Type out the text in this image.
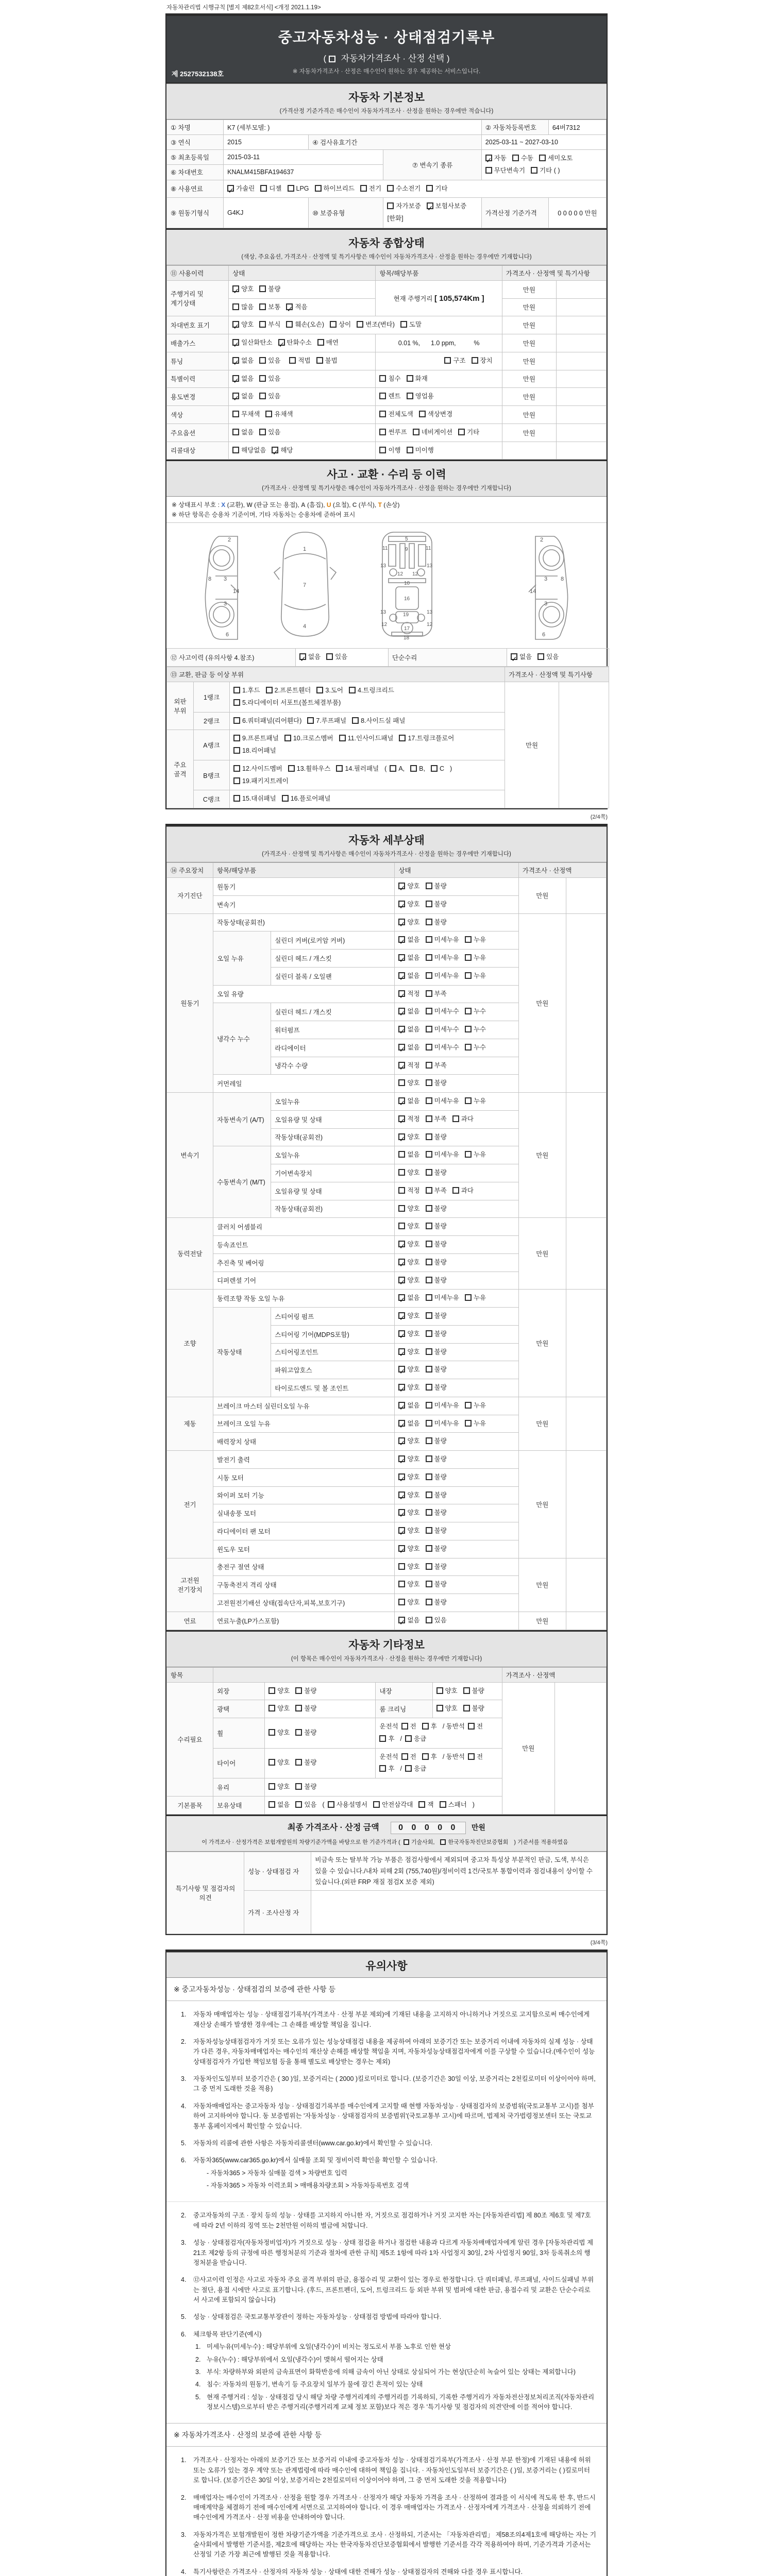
자동차관리법 시행규칙 [별지 제82호서식] <개정 2021.1.19>
중고자동차성능 · 상태점검기록부
( 자동차가격조사 · 산정 선택 )
※ 자동차가격조사 · 산정은 매수인이 원하는 경우 제공하는 서비스입니다.
제 2527532138호
자동차 기본정보
(가격산정 기준가격은 매수인이 자동차가격조사 · 산정을 원하는 경우에만 적습니다)
① 차명	K7 (세부모델: )			② 자동차등록번호	64버7312
③ 연식	2015	④ 검사유효기간		2025-03-11 ~ 2027-03-10	
⑤ 최초등록일	2015-03-11		⑦ 변속기 종류	✓자동 수동 세미오토
무단변속기 기타 ( )
⑥ 차대번호	KNALM415BFA194637				
⑧ 사용연료	✓가솔린 디젤 LPG 하이브리드 전기 수소전기 기타
⑨ 원동기형식	G4KJ	⑩ 보증유형	자가보증 ✓ 보험사보증[한화]	가격산정 기준가격	0 0 0 0 0 만원
자동차 종합상태
(색상, 주요옵션, 가격조사 · 산정액 및 특기사항은 매수인이 자동차가격조사 · 산정을 원하는 경우에만 기재합니다)
⑪ 사용이력	상태	항목/해당부품	가격조사 · 산정액 및 특기사항	
주행거리 및 계기상태	✓양호 불량	현재 주행거리 [ 105,574Km ]	만원	
	많음 보통 ✓ 적음		만원	
차대번호 표기	✓양호 부식 훼손(오손) 상이 변조(변타) 도말		만원	
배출가스	✓일산화탄소 ✓ 탄화수소 매연	0.01 %,      1.0 ppm,          %	만원	
튜닝	✓없음 있음 적법 불법	구조 장치	만원	
특별이력	✓없음 있음	침수 화재	만원	
용도변경	✓없음 있음	렌트 영업용	만원	
색상	무채색 유채색	전체도색 색상변경	만원	
주요옵션	없음 있음	썬루프 네비게이션 기타	만원	
리콜대상	해당없음 ✓ 해당	이행 미이행		
사고 · 교환 · 수리 등 이력
(가격조사 · 산정액 및 특기사항은 매수인이 자동차가격조사 · 산정을 원하는 경우에만 기재합니다)
※ 상태표시 부호 : X (교환), W (판금 또는 용접), A (흠집), U (요철), C (부식), T (손상)
※ 하단 항목은 승용차 기준이며, 기타 자동차는 승용차에 준하여 표시
2
8 3
3
14
6
1
7
4
5
9
11	11
13	13
12 12
10
16
13	13
12	12
19
17
18
2
8
3
3
14
6
⑫ 사고이력 (유의사항 4.참조)	✓없음 있음	단순수리	✓없음 있음
⑬ 교환, 판금 등 이상 부위			가격조사 · 산정액 및 특기사항	
외판 부위	1랭크	1.후드 2.프론트휀더 3.도어 4.트렁크리드
5.라디에이터 서포트(볼트체결부품)	만원	
	2랭크	6.쿼터패널(리어휀다) 7.루프패널 8.사이드실 패널		
주요 골격	A랭크	9.프론트패널 10.크로스멤버 11.인사이드패널 17.트렁크플로어
18.리어패널		
	B랭크	12.사이드멤버 13.휠하우스 14.필러패널 ( A, B, C )
19.패키지트레이		
	C랭크	15.대쉬패널 16.플로어패널		
(2/4쪽)
자동차 세부상태
(가격조사 · 산정액 및 특기사항은 매수인이 자동차가격조사 · 산정을 원하는 경우에만 기재합니다)
⑭ 주요장치	항목/해당부품		상태	가격조사 · 산정액	
자기진단	원동기	✓양호 불량	만원	
	변속기	✓양호 불량
원동기	작동상태(공회전)	✓양호 불량	만원	
	오일 누유	실린더 커버(로커암 커버)	✓없음 미세누유 누유
		실린더 헤드 / 개스킷	✓없음 미세누유 누유
		실린더 블록 / 오일팬	✓없음 미세누유 누유
	오일 유량	✓적정 부족
	냉각수 누수	실린더 헤드 / 개스킷	✓없음 미세누수 누수
		워터펌프	✓없음 미세누수 누수
		라디에이터	✓없음 미세누수 누수
		냉각수 수량	✓적정 부족
	커먼레일		양호 불량		
변속기	자동변속기 (A/T)	오일누유	✓없음 미세누유 누유	만원	
		오일유량 및 상태	✓적정 부족 과다
		작동상태(공회전)	✓양호 불량
	수동변속기 (M/T)	오일누유	없음 미세누유 누유		
		기어변속장치	양호 불량		
		오일유량 및 상태	적정 부족 과다		
		작동상태(공회전)	양호 불량		
동력전달	클러치 어셈블리		양호 불량	만원	
	등속죠인트	✓양호 불량
	추진축 및 베어링	✓양호 불량
	디퍼렌셜 기어	✓양호 불량
조향	동력조향 작동 오일 누유	✓없음 미세누유 누유	만원	
	작동상태	스티어링 펌프	✓양호 불량
		스티어링 기어(MDPS포함)	✓양호 불량
		스티어링조인트	✓양호 불량
		파워고압호스	✓양호 불량
		타이로드엔드 및 볼 조인트	✓양호 불량
제동	브레이크 마스터 실린더오일 누유	✓없음 미세누유 누유	만원	
	브레이크 오일 누유	✓없음 미세누유 누유
	배력장치 상태	✓양호 불량
전기	발전기 출력	✓양호 불량	만원	
	시동 모터	✓양호 불량
	와이퍼 모터 기능	✓양호 불량
	실내송풍 모터	✓양호 불량
	라디에이터 팬 모터	✓양호 불량
	윈도우 모터	✓양호 불량
고전원 전기장치	충전구 절연 상태		양호 불량	만원	
	구동축전지 격리 상태		양호 불량		
	고전원전기배선 상태(접속단자,피복,보호기구)		양호 불량		
연료	연료누출(LP가스포함)	✓없음 있음	만원	
자동차 기타정보
(이 항목은 매수인이 자동차가격조사 · 산정을 원하는 경우에만 기재합니다)
항목					가격조사 · 산정액	
수리필요	외장	양호 불량	내장	양호 불량	만원	
	광택	양호 불량	룸 크리닝	양호 불량		
	휠	양호 불량	운전석 전 후/ 동반석 전후/응급			
	타이어	양호 불량	운전석 전 후/ 동반석 전후/응급			
	유리	양호 불량				
기본품목	보유상태	없음 있음 ( 사용설명서 안전삼각대 잭 스패너 )				
최종 가격조사 · 산정 금액 0 0 0 0 0 만원
이 가격조사 · 산정가격은 보험개발원의 차량기준가액을 바탕으로 한 기준가격과 ( 기술사회, 한국자동차진단보증협회 ) 기준서를 적용하였음
특기사항 및 점검자의 의견	성능 · 상태점검 자	비금속 또는 탈부착 가능 부품은 점검사항에서 제외되며 중고차 특성상 부분적인 판금, 도색, 부식은 있을 수 있습니다./내차 피해 2회 (755,740원)/정비이력 1건/국토부 통합이력과 점검내용이 상이할 수 있습니다.(외판 FRP 재질 점검X 보증 제외)
	가격 · 조사산정 자	
(3/4쪽)
유의사항
※ 중고자동차성능 · 상태점검의 보증에 관한 사항 등
1. 자동차 매매업자는 성능 · 상태점검기록부(가격조사 · 산정 부분 제외)에 기재된 내용을 고지하지 아니하거나 거짓으로 고지함으로써 매수인에게 재산상 손해가 발생한 경우에는 그 손해를 배상할 책임을 집니다.
2. 자동차성능상태점검자가 거짓 또는 오류가 있는 성능상태점검 내용을 제공하여 아래의 보증기간 또는 보증거리 이내에 자동차의 실제 성능 · 상태가 다른 경우, 자동차매매업자는 매수인의 재산상 손해를 배상할 책임을 지며, 자동차성능상태점검자에게 이를 구상할 수 있습니다.(매수인이 성능상태점검자가 가입한 책임보험 등을 통해 별도로 배상받는 경우는 제외)
3. 자동차인도일부터 보증기간은 ( 30 )일, 보증거리는 ( 2000 )킬로미터로 합니다. (보증기간은 30일 이상, 보증거리는 2천킬로미터 이상이어야 하며, 그 중 먼저 도래한 것을 적용)
4. 자동차매매업자는 중고자동차 성능 · 상태점검기록부를 매수인에게 고지할 때 현행 자동차성능 · 상태점검자의 보증범위(국토교통부 고시)를 첨부하여 고지하여야 합니다. 동 보증범위는 '자동차성능 · 상태점검자의 보증범위'(국토교통부 고시)에 따르며, 법제처 국가법령정보센터 또는 국토교통부 홈페이지에서 확인할 수 있습니다.
5. 자동차의 리콜에 관한 사항은 자동차리콜센터(www.car.go.kr)에서 확인할 수 있습니다.
6. 자동차365(www.car365.go.kr)에서 실매물 조회 및 정비이력 확인을 확인할 수 있습니다.
- 자동차365 > 자동차 실매물 검색 > 차량번호 입력
- 자동차365 > 자동차 이력조회 > 매매용차량조회 > 자동차등록번호 검색
2. 중고자동차의 구조 · 장치 등의 성능 · 상태를 고지하지 아니한 자, 거짓으로 점검하거나 거짓 고지한 자는 [자동차관리법] 제 80조 제6호 및 제7호에 따라 2년 이하의 징역 또는 2천만원 이하의 벌금에 처합니다.
3. 성능 · 상태점검자(자동차정비업자)가 거짓으로 성능 · 상태 점검을 하거나 점검한 내용과 다르게 자동차매매업자에게 알린 경우 [자동차관리법 제21조 제2항 등의 규정에 따른 행정처분의 기준과 절차에 관한 규칙] 제5조 1항에 따라 1차 사업정지 30일, 2차 사업정지 90일, 3차 등록취소의 행정처분을 받습니다.
4. ⑫사고이력 인정은 사고로 자동차 주요 골격 부위의 판금, 용접수리 및 교환이 있는 경우로 한정합니다. 단 쿼터패널, 루프패널, 사이드실패널 부위는 절단, 용접 시에만 사고로 표기합니다. (후드, 프론트펜더, 도어, 트렁크리드 등 외판 부위 및 범퍼에 대한 판금, 용접수리 및 교환은 단순수리로서 사고에 포함되지 않습니다)
5. 성능 · 상태점검은 국토교통부장관이 정하는 자동차성능 · 상태점검 방법에 따라야 합니다.
6. 체크항목 판단기준(예시)
1. 미세누유(미세누수) : 해당부위에 오일(냉각수)이 비치는 정도로서 부품 노후로 인한 현상
2. 누유(누수) : 해당부위에서 오일(냉각수)이 맺혀서 떨어지는 상태
3. 부식: 차량하부와 외판의 금속표면이 화학반응에 의해 금속이 아닌 상태로 상실되어 가는 현상(단순히 녹슬어 있는 상태는 제외합니다)
4. 침수: 자동차의 원동기, 변속기 등 주요장치 일부가 물에 잠긴 흔적이 있는 상태
5. 현재 주행거리 : 성능 · 상태점검 당시 해당 차량 주행거리계의 주행거리를 기록하되, 기록한 주행거리가 자동차전산정보처리조직(자동차관리정보시스템)으로부터 받은 주행거리(주행거리계 교체 정보 포함)보다 적은 경우 '특기사항 및 점검자의 의견'란에 이를 적어야 합니다.
※ 자동차가격조사 · 산정의 보증에 관한 사항 등
1. 가격조사 · 산정자는 아래의 보증기간 또는 보증거리 이내에 중고자동차 성능 · 상태점검기록부(가격조사 · 산정 부분 한정)에 기재된 내용에 허위 또는 오류가 있는 경우 계약 또는 관계법령에 따라 매수인에 대하여 책임을 집니다. · 자동차인도일부터 보증기간은 ( )일, 보증거리는 ( )킬로미터로 합니다. (보증기간은 30일 이상, 보증거리는 2천킬로미터 이상이어야 하며, 그 중 먼저 도래한 것을 적용합니다)
2. 매매업자는 매수인이 가격조사 · 산정을 원할 경우 가격조사 · 산정자가 해당 자동차 가격을 조사 · 산정하여 결과를 이 서식에 적도록 한 후, 반드시 매매계약을 체결하기 전에 매수인에게 서면으로 고지하여야 합니다. 이 경우 매매업자는 가격조사 · 산정자에게 가격조사 · 산정을 의뢰하기 전에 매수인에게 가격조사 · 산정 비용을 안내하여야 합니다.
3. 자동차가격은 보험개발원이 정한 차량기준가액을 기준가격으로 조사 · 산정하되, 기준서는 「자동차관리법」 제58조의4제1호에 해당하는 자는 기술사회에서 발행한 기준서를, 제2호에 해당하는 자는 한국자동차진단보증협회에서 발행한 기준서를 각각 적용하여야 하며, 기준가격과 기준서는 산정일 기준 가장 최근에 발행된 것을 적용합니다.
4. 특기사항란은 가격조사 · 산정자의 자동차 성능 · 상태에 대한 견해가 성능 · 상태점검자의 견해와 다를 경우 표시합니다.
